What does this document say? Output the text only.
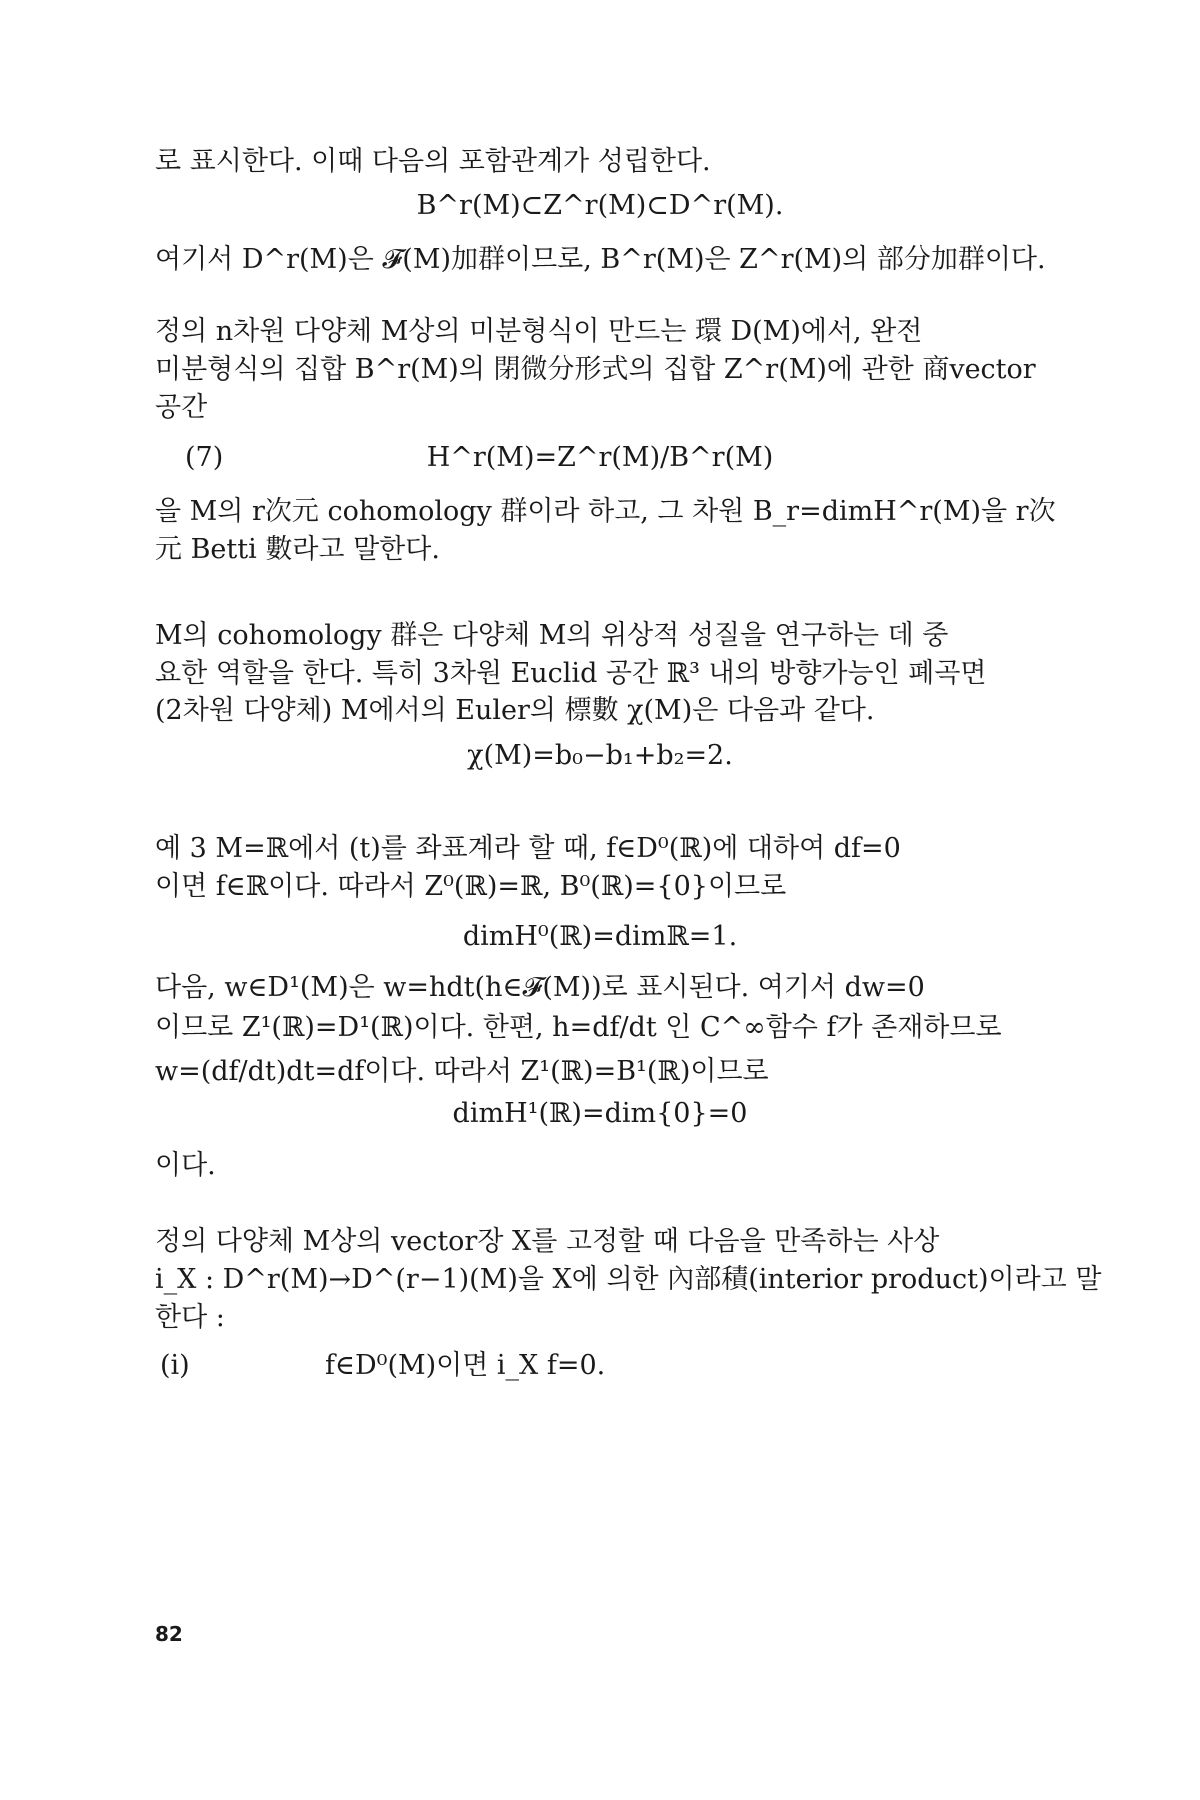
로 표시한다. 이때 다음의 포함관계가 성립한다.
B^r(M)⊂Z^r(M)⊂D^r(M).
여기서 D^r(M)은 𝓕(M)加群이므로, B^r(M)은 Z^r(M)의 部分加群이다.
정의 n차원 다양체 M상의 미분형식이 만드는 環 D(M)에서, 완전
미분형식의 집합 B^r(M)의 閉微分形式의 집합 Z^r(M)에 관한 商vector
공간
(7)	H^r(M)=Z^r(M)/B^r(M)
을 M의 r次元 cohomology 群이라 하고, 그 차원 B_r=dimH^r(M)을 r次
元 Betti 數라고 말한다.
M의 cohomology 群은 다양체 M의 위상적 성질을 연구하는 데 중
요한 역할을 한다. 특히 3차원 Euclid 공간 ℝ³ 내의 방향가능인 폐곡면
(2차원 다양체) M에서의 Euler의 標數 χ(M)은 다음과 같다.
χ(M)=b₀−b₁+b₂=2.
예 3 M=ℝ에서 (t)를 좌표계라 할 때, f∈D⁰(ℝ)에 대하여 df=0
이면 f∈ℝ이다. 따라서 Z⁰(ℝ)=ℝ, B⁰(ℝ)={0}이므로
dimH⁰(ℝ)=dimℝ=1.
다음, w∈D¹(M)은 w=hdt(h∈𝓕(M))로 표시된다. 여기서 dw=0
이므로 Z¹(ℝ)=D¹(ℝ)이다. 한편, h=df/dt 인 C^∞함수 f가 존재하므로
w=(df/dt)dt=df이다. 따라서 Z¹(ℝ)=B¹(ℝ)이므로
dimH¹(ℝ)=dim{0}=0
이다.
정의 다양체 M상의 vector장 X를 고정할 때 다음을 만족하는 사상
i_X : D^r(M)→D^(r−1)(M)을 X에 의한 內部積(interior product)이라고 말
한다 :
(i)	f∈D⁰(M)이면 i_X f=0.
82
